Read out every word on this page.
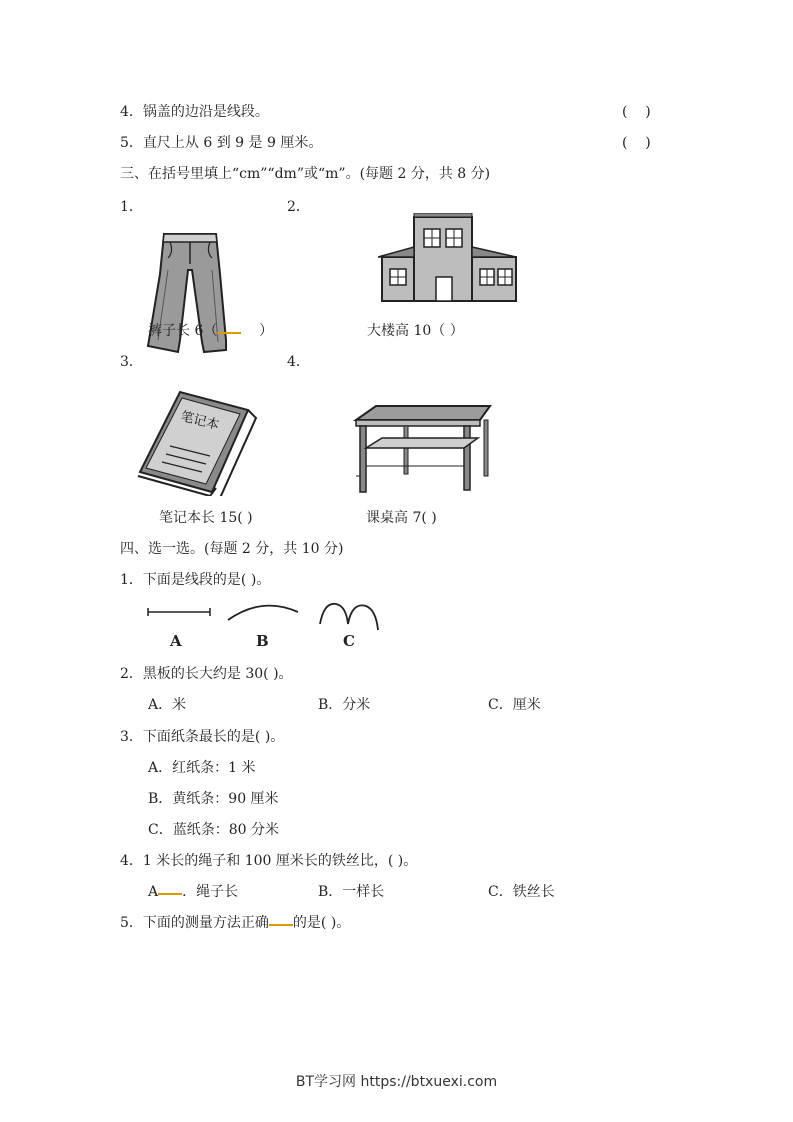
4．锅盖的边沿是线段。	(    )
5．直尺上从 6 到 9 是 9 厘米。	(    )
三、在括号里填上“cm”“dm”或“m”。(每题 2 分，共 8 分)
1．	2．
裤子长 6（	）	大楼高 10（ ）
3．	4．
笔记本
笔记本长 15( )	课桌高 7( )
四、选一选。(每题 2 分，共 10 分)
1．下面是线段的是( )。
A	B	C
2．黑板的长大约是 30( )。
A．米	B．分米	C．厘米
3．下面纸条最长的是( )。
A．红纸条：1 米
B．黄纸条：90 厘米
C．蓝纸条：80 分米
4．1 米长的绳子和 100 厘米长的铁丝比，( )。
A ．绳子长	B．一样长	C．铁丝长
5．下面的测量方法正确 的是( )。
BT学习网 https://btxuexi.com
